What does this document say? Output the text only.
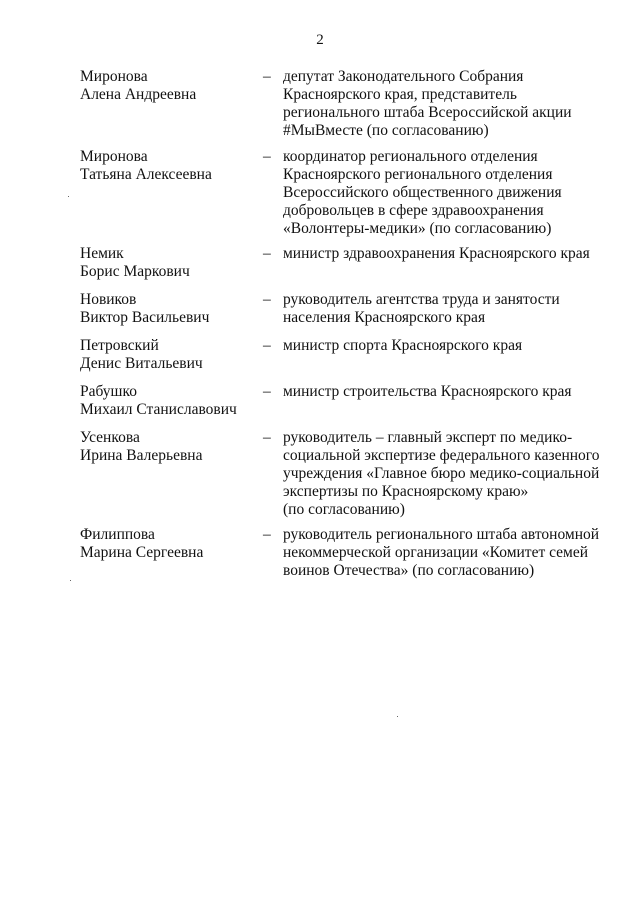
2
Миронова
Алена Андреевна
– депутат Законодательного Собрания
Красноярского края, представитель
регионального штаба Всероссийской акции
#МыВместе (по согласованию)
Миронова
Татьяна Алексеевна
– координатор регионального отделения
Красноярского регионального отделения
Всероссийского общественного движения
добровольцев в сфере здравоохранения
«Волонтеры-медики» (по согласованию)
Немик
Борис Маркович
– министр здравоохранения Красноярского края
Новиков
Виктор Васильевич
– руководитель агентства труда и занятости
населения Красноярского края
Петровский
Денис Витальевич
– министр спорта Красноярского края
Рабушко
Михаил Станиславович
– министр строительства Красноярского края
Усенкова
Ирина Валерьевна
– руководитель – главный эксперт по медико-
социальной экспертизе федерального казенного
учреждения «Главное бюро медико-социальной
экспертизы по Красноярскому краю»
(по согласованию)
Филиппова
Марина Сергеевна
– руководитель регионального штаба автономной
некоммерческой организации «Комитет семей
воинов Отечества» (по согласованию)
